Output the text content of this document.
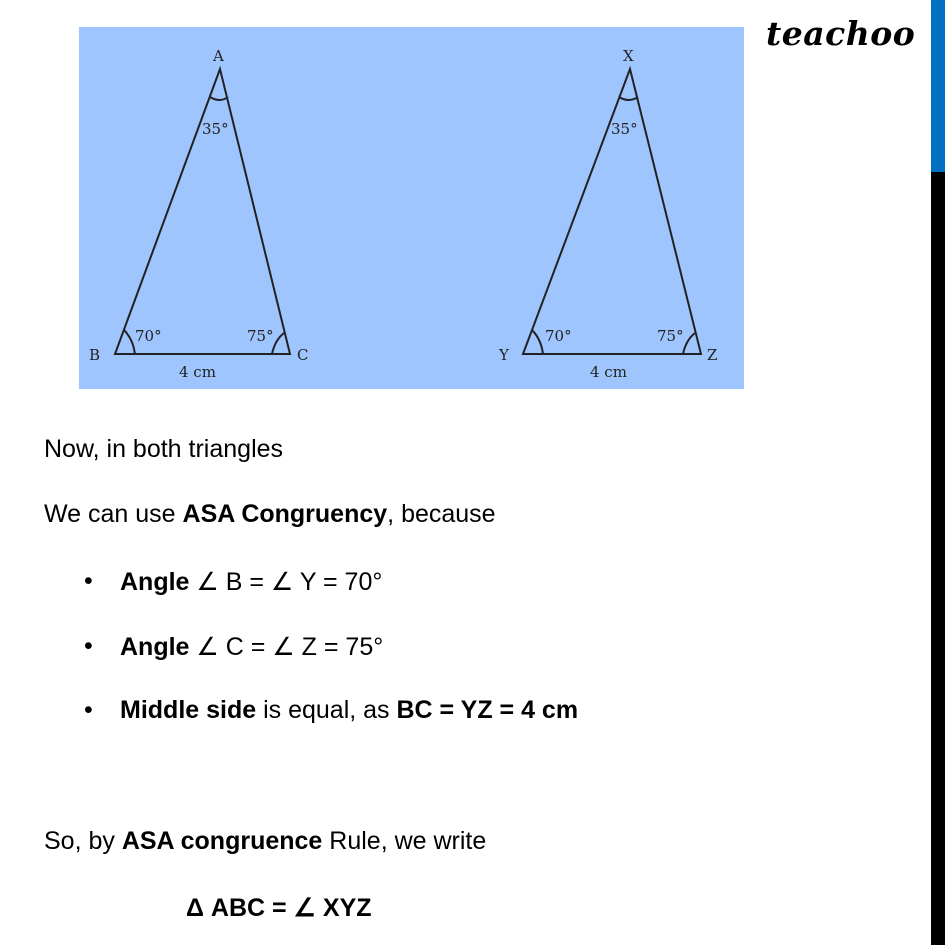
teachoo
A
B	C
35°
70°	75°
4 cm
X
Y	Z
35°
70°	75°
4 cm
Now, in both triangles
We can use ASA Congruency, because
• Angle ∠ B = ∠ Y = 70°
• Angle ∠ C = ∠ Z = 75°
• Middle side is equal, as BC = YZ = 4 cm
So, by ASA congruence Rule, we write
Δ ABC = ∠ XYZ
